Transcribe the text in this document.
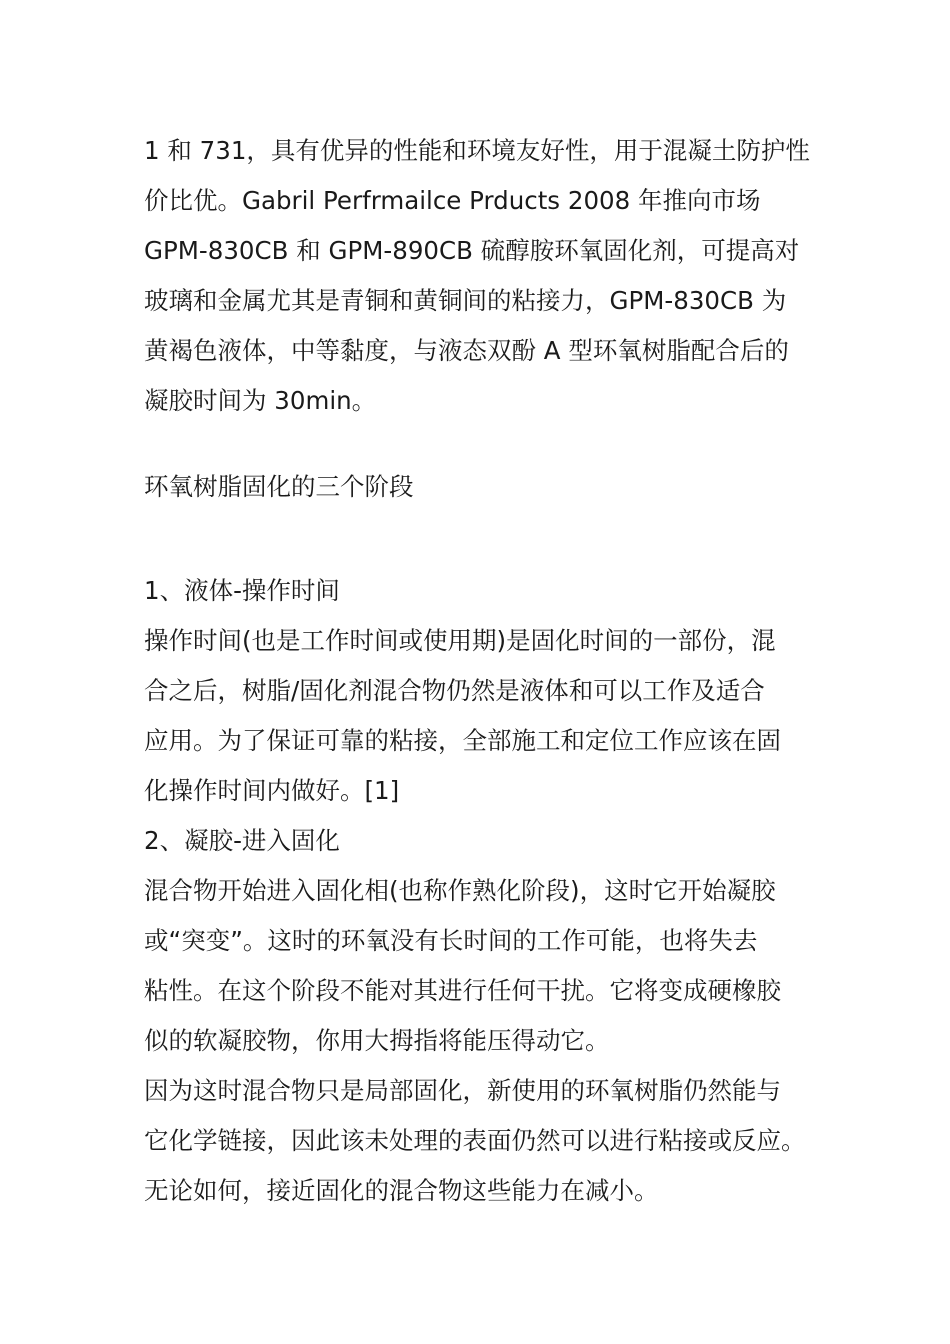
1 和 731，具有优异的性能和环境友好性，用于混凝土防护性
价比优。Gabril Perfrmailce Prducts 2008 年推向市场
GPM-830CB 和 GPM-890CB 硫醇胺环氧固化剂，可提高对
玻璃和金属尤其是青铜和黄铜间的粘接力，GPM-830CB 为
黄褐色液体，中等黏度，与液态双酚 A 型环氧树脂配合后的
凝胶时间为 30min。
环氧树脂固化的三个阶段
1、液体-操作时间
操作时间(也是工作时间或使用期)是固化时间的一部份，混
合之后，树脂/固化剂混合物仍然是液体和可以工作及适合
应用。为了保证可靠的粘接，全部施工和定位工作应该在固
化操作时间内做好。[1]
2、凝胶-进入固化
混合物开始进入固化相(也称作熟化阶段)，这时它开始凝胶
或“突变”。这时的环氧没有长时间的工作可能，也将失去
粘性。在这个阶段不能对其进行任何干扰。它将变成硬橡胶
似的软凝胶物，你用大拇指将能压得动它。
因为这时混合物只是局部固化，新使用的环氧树脂仍然能与
它化学链接，因此该未处理的表面仍然可以进行粘接或反应。
无论如何，接近固化的混合物这些能力在减小。
